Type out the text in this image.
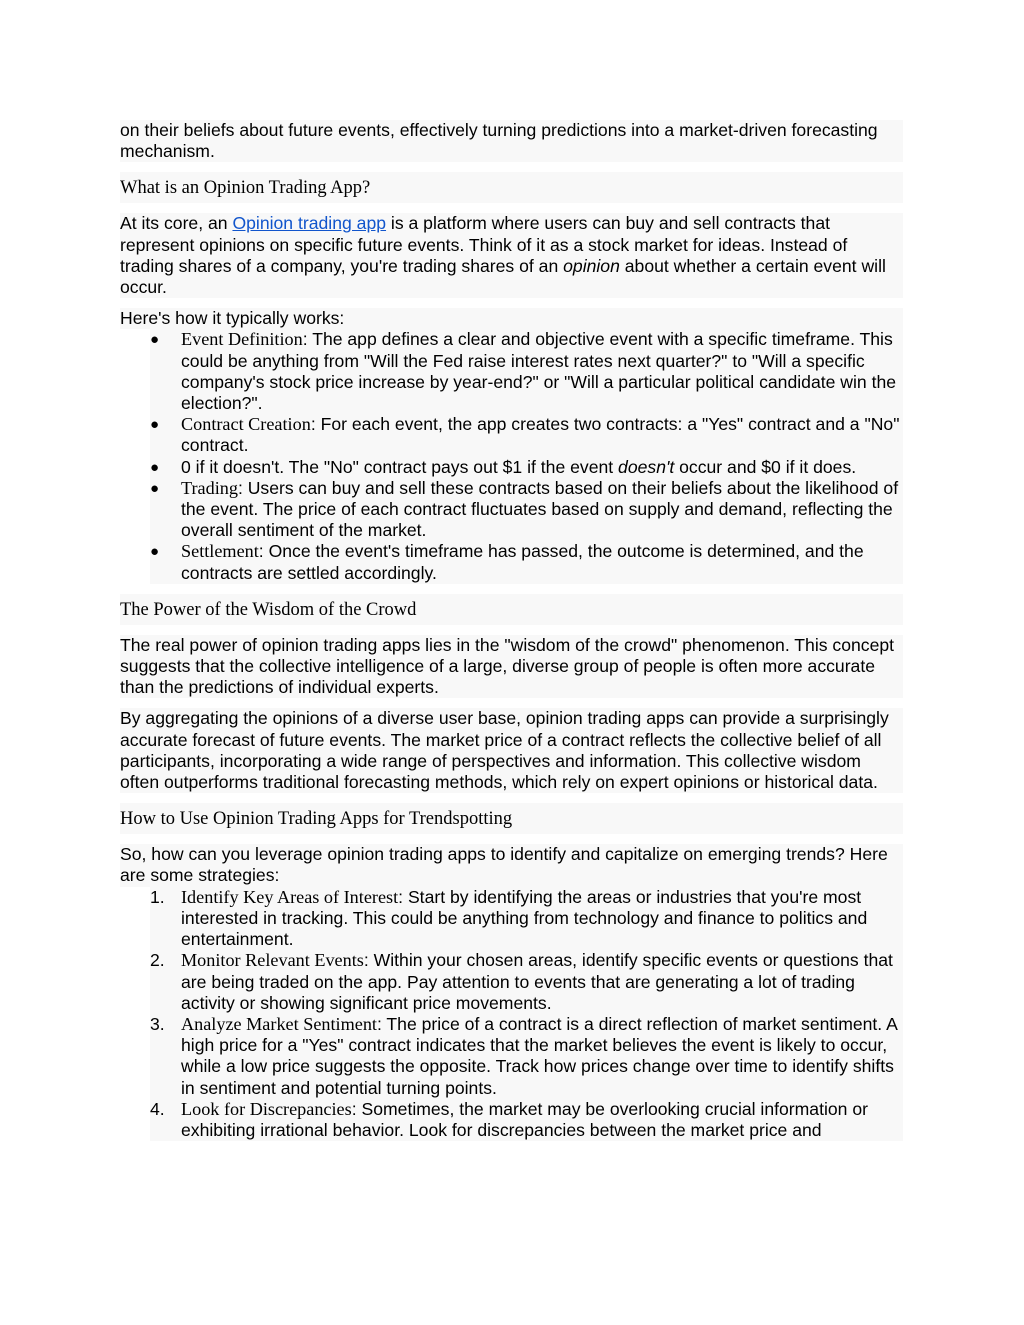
on their beliefs about future events, effectively turning predictions into a market-driven forecasting mechanism.

What is an Opinion Trading App?

At its core, an Opinion trading app is a platform where users can buy and sell contracts that represent opinions on specific future events. Think of it as a stock market for ideas. Instead of trading shares of a company, you're trading shares of an opinion about whether a certain event will occur.

Here's how it typically works:

●	Event Definition: The app defines a clear and objective event with a specific timeframe. This could be anything from "Will the Fed raise interest rates next quarter?" to "Will a specific company's stock price increase by year-end?" or "Will a particular political candidate win the election?".
●	Contract Creation: For each event, the app creates two contracts: a "Yes" contract and a "No" contract.
●	0 if it doesn't. The "No" contract pays out $1 if the event doesn't occur and $0 if it does.
●	Trading: Users can buy and sell these contracts based on their beliefs about the likelihood of the event. The price of each contract fluctuates based on supply and demand, reflecting the overall sentiment of the market.
●	Settlement: Once the event's timeframe has passed, the outcome is determined, and the contracts are settled accordingly.
The Power of the Wisdom of the Crowd

The real power of opinion trading apps lies in the "wisdom of the crowd" phenomenon. This concept suggests that the collective intelligence of a large, diverse group of people is often more accurate than the predictions of individual experts.

By aggregating the opinions of a diverse user base, opinion trading apps can provide a surprisingly accurate forecast of future events. The market price of a contract reflects the collective belief of all participants, incorporating a wide range of perspectives and information. This collective wisdom often outperforms traditional forecasting methods, which rely on expert opinions or historical data.

How to Use Opinion Trading Apps for Trendspotting

So, how can you leverage opinion trading apps to identify and capitalize on emerging trends? Here are some strategies:

1. Identify Key Areas of Interest: Start by identifying the areas or industries that you're most interested in tracking. This could be anything from technology and finance to politics and entertainment.
2. Monitor Relevant Events: Within your chosen areas, identify specific events or questions that are being traded on the app. Pay attention to events that are generating a lot of trading activity or showing significant price movements.
3. Analyze Market Sentiment: The price of a contract is a direct reflection of market sentiment. A high price for a "Yes" contract indicates that the market believes the event is likely to occur, while a low price suggests the opposite. Track how prices change over time to identify shifts in sentiment and potential turning points.
4. Look for Discrepancies: Sometimes, the market may be overlooking crucial information or exhibiting irrational behavior. Look for discrepancies between the market price and
